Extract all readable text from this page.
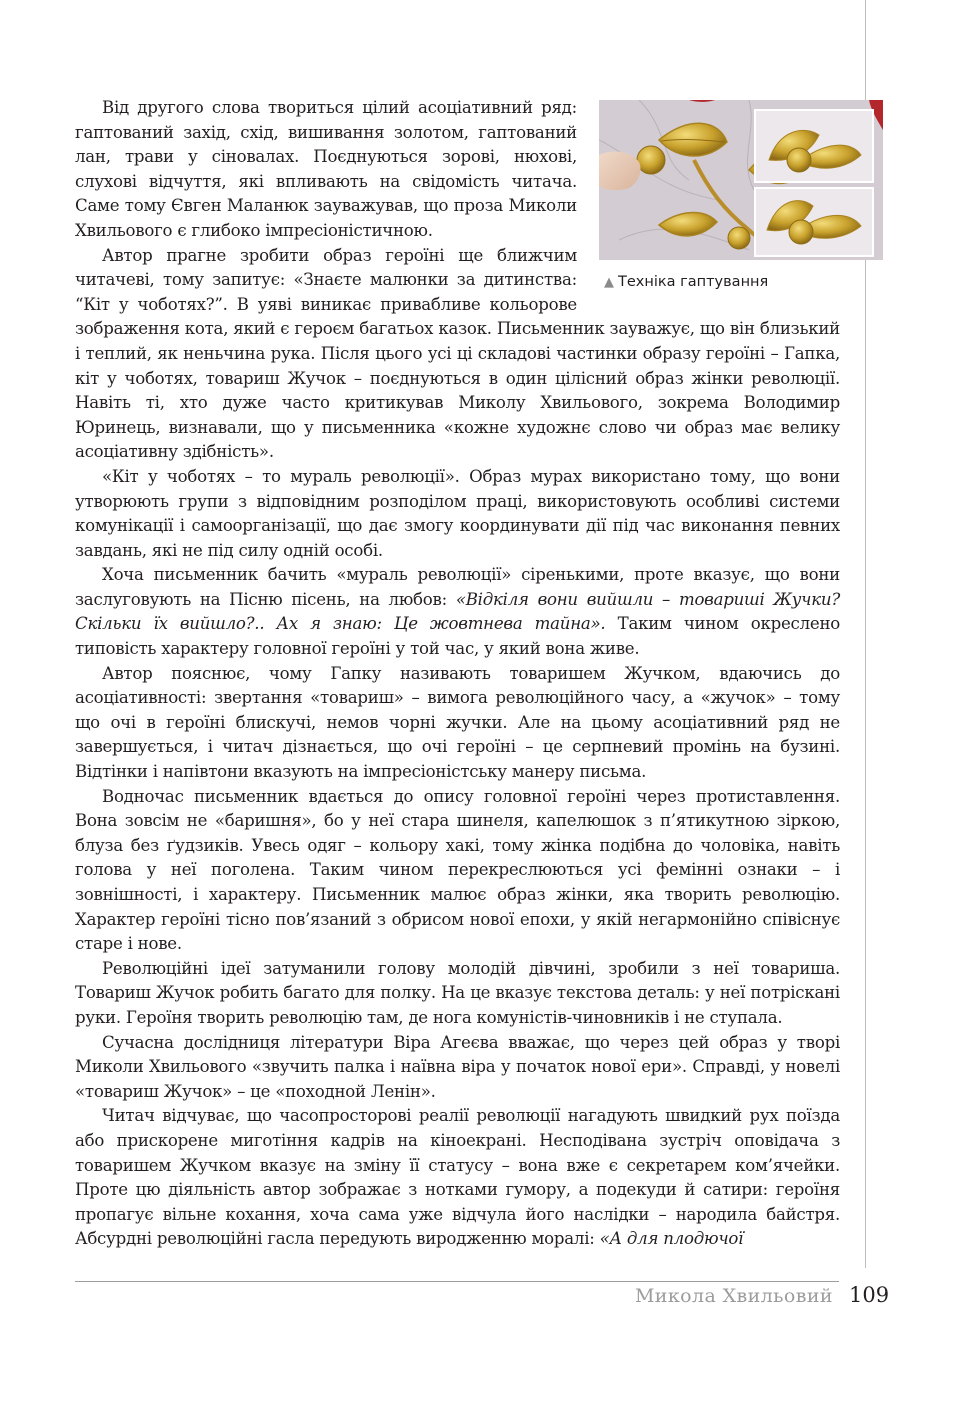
▲ Техніка гаптування

Від другого слова твориться цілий асоціативний ряд: гаптований захід, схід, вишивання золотом, гаптований лан, трави у сіновалах. Поєднуються зорові, нюхові, слухові відчуття, які впливають на свідомість читача. Саме тому Євген Маланюк зауважував, що проза Миколи Хвильового є глибоко імпресіоністичною.

Автор прагне зробити образ героїні ще ближчим читачеві, тому запитує: «Знаєте малюнки за дитинства: “Кіт у чоботях?”. В уяві виникає привабливе кольорове зображення кота, який є героєм багатьох казок. Письменник зауважує, що він близький і теплий, як неньчина рука. Після цього усі ці складові частинки образу героїні – Гапка, кіт у чоботях, товариш Жучок – поєднуються в один цілісний образ жінки революції. Навіть ті, хто дуже часто критикував Миколу Хвильового, зокрема Володимир Юринець, визнавали, що у письменника «кожне художнє слово чи образ має велику асоціативну здібність».

«Кіт у чоботях – то мураль революції». Образ мурах використано тому, що вони утворюють групи з відповідним розподілом праці, використовують особливі системи комунікації і самоорганізації, що дає змогу координувати дії під час виконання певних завдань, які не під силу одній особі.

Хоча письменник бачить «мураль революції» сіренькими, проте вказує, що вони заслуговують на Пісню пісень, на любов: «Відкіля вони вийшли – товариші Жучки? Скільки їх вийшло?.. Ах я знаю: Це жовтнева тайна». Таким чином окреслено типовість характеру головної героїні у той час, у який вона живе.

Автор пояснює, чому Гапку називають товаришем Жучком, вдаючись до асоціативності: звертання «товариш» – вимога революційного часу, а «жучок» – тому що очі в героїні блискучі, немов чорні жучки. Але на цьому асоціативний ряд не завершується, і читач дізнається, що очі героїні – це серпневий промінь на бузині. Відтінки і напівтони вказують на імпресіоністську манеру письма.

Водночас письменник вдається до опису головної героїні через протиставлення. Вона зовсім не «баришня», бо у неї стара шинеля, капелюшок з п’ятикутною зіркою, блуза без ґудзиків. Увесь одяг – кольору хакі, тому жінка подібна до чоловіка, навіть голова у неї поголена. Таким чином перекреслюються усі фемінні ознаки – і зовнішності, і характеру. Письменник малює образ жінки, яка творить революцію. Характер героїні тісно пов’язаний з обрисом нової епохи, у якій негармонійно співіснує старе і нове.

Революційні ідеї затуманили голову молодій дівчині, зробили з неї товариша. Товариш Жучок робить багато для полку. На це вказує текстова деталь: у неї потріскані руки. Героїня творить революцію там, де нога комуністів-чиновників і не ступала.

Сучасна дослідниця літератури Віра Агеєва вважає, що через цей образ у творі Миколи Хвильового «звучить палка і наївна віра у початок нової ери». Справді, у новелі «товариш Жучок» – це «походной Ленін».

Читач відчуває, що часопросторові реалії революції нагадують швидкий рух поїзда або прискорене миготіння кадрів на кіноекрані. Несподівана зустріч оповідача з товаришем Жучком вказує на зміну її статусу – вона вже є секретарем ком’ячейки. Проте цю діяльність автор зображає з нотками гумору, а подекуди й сатири: героїня пропагує вільне кохання, хоча сама уже відчула його наслідки – народила байстря. Абсурдні революційні гасла передують виродженню моралі: «А для плодючої

Микола Хвильовий 109
